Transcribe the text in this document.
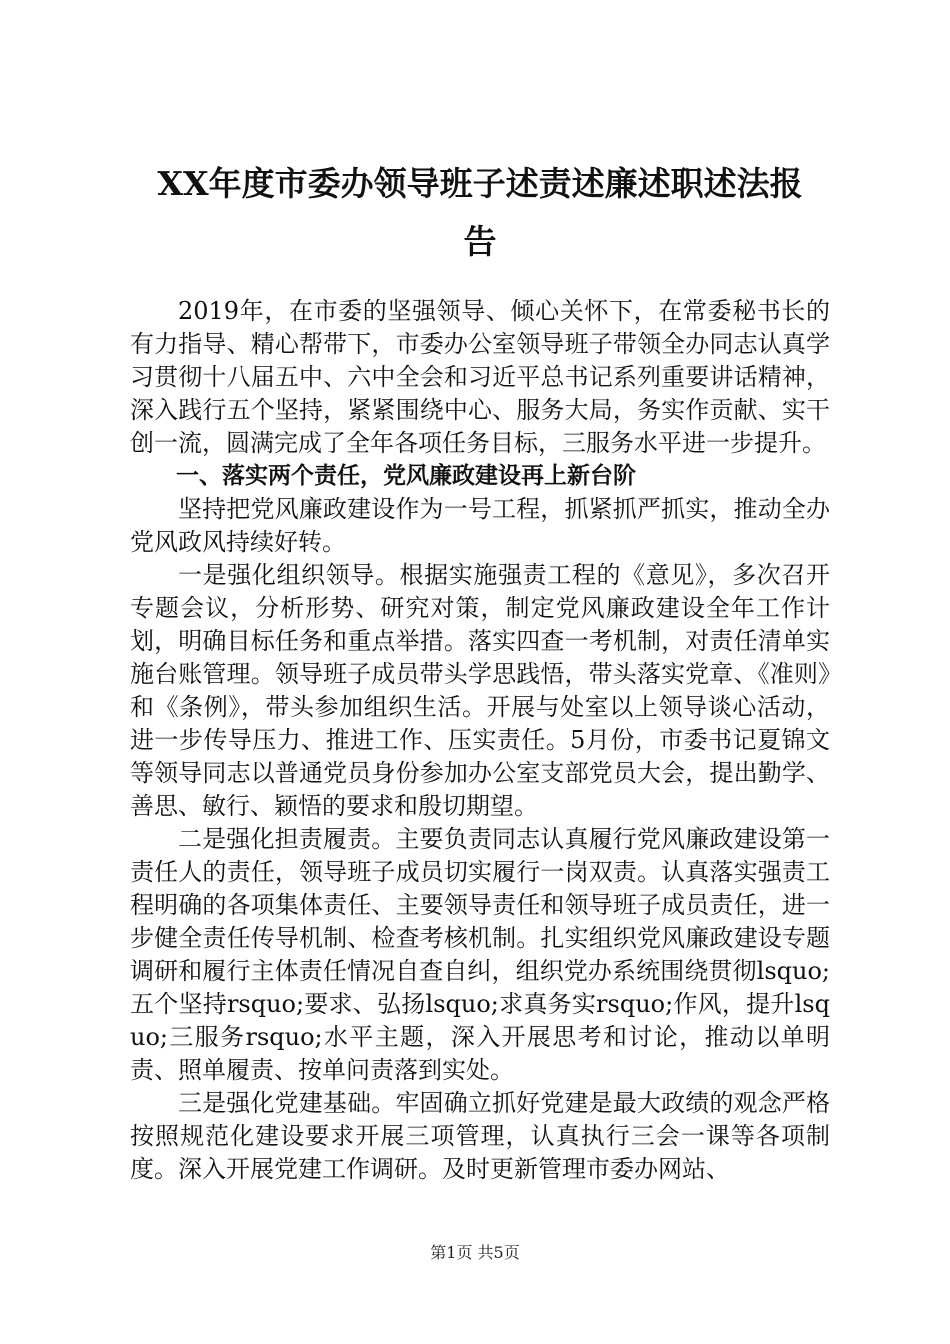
XX年度市委办领导班子述责述廉述职述法报
告

2019年，在市委的坚强领导、倾心关怀下，在常委秘书长的有力指导、精心帮带下，市委办公室领导班子带领全办同志认真学习贯彻十八届五中、六中全会和习近平总书记系列重要讲话精神，深入践行五个坚持，紧紧围绕中心、服务大局，务实作贡献、实干创一流，圆满完成了全年各项任务目标，三服务水平进一步提升。

一、落实两个责任，党风廉政建设再上新台阶

坚持把党风廉政建设作为一号工程，抓紧抓严抓实，推动全办党风政风持续好转。

一是强化组织领导。根据实施强责工程的《意见》，多次召开专题会议，分析形势、研究对策，制定党风廉政建设全年工作计划，明确目标任务和重点举措。落实四查一考机制，对责任清单实施台账管理。领导班子成员带头学思践悟，带头落实党章、《准则》和《条例》，带头参加组织生活。开展与处室以上领导谈心活动，进一步传导压力、推进工作、压实责任。5月份，市委书记夏锦文等领导同志以普通党员身份参加办公室支部党员大会，提出勤学、善思、敏行、颖悟的要求和殷切期望。

二是强化担责履责。主要负责同志认真履行党风廉政建设第一责任人的责任，领导班子成员切实履行一岗双责。认真落实强责工程明确的各项集体责任、主要领导责任和领导班子成员责任，进一步健全责任传导机制、检查考核机制。扎实组织党风廉政建设专题调研和履行主体责任情况自查自纠，组织党办系统围绕贯彻lsquo;五个坚持rsquo;要求、弘扬lsquo;求真务实rsquo;作风，提升lsquo;三服务rsquo;水平主题，深入开展思考和讨论，推动以单明责、照单履责、按单问责落到实处。

三是强化党建基础。牢固确立抓好党建是最大政绩的观念严格按照规范化建设要求开展三项管理，认真执行三会一课等各项制度。深入开展党建工作调研。及时更新管理市委办网站、

第1页 共5页
